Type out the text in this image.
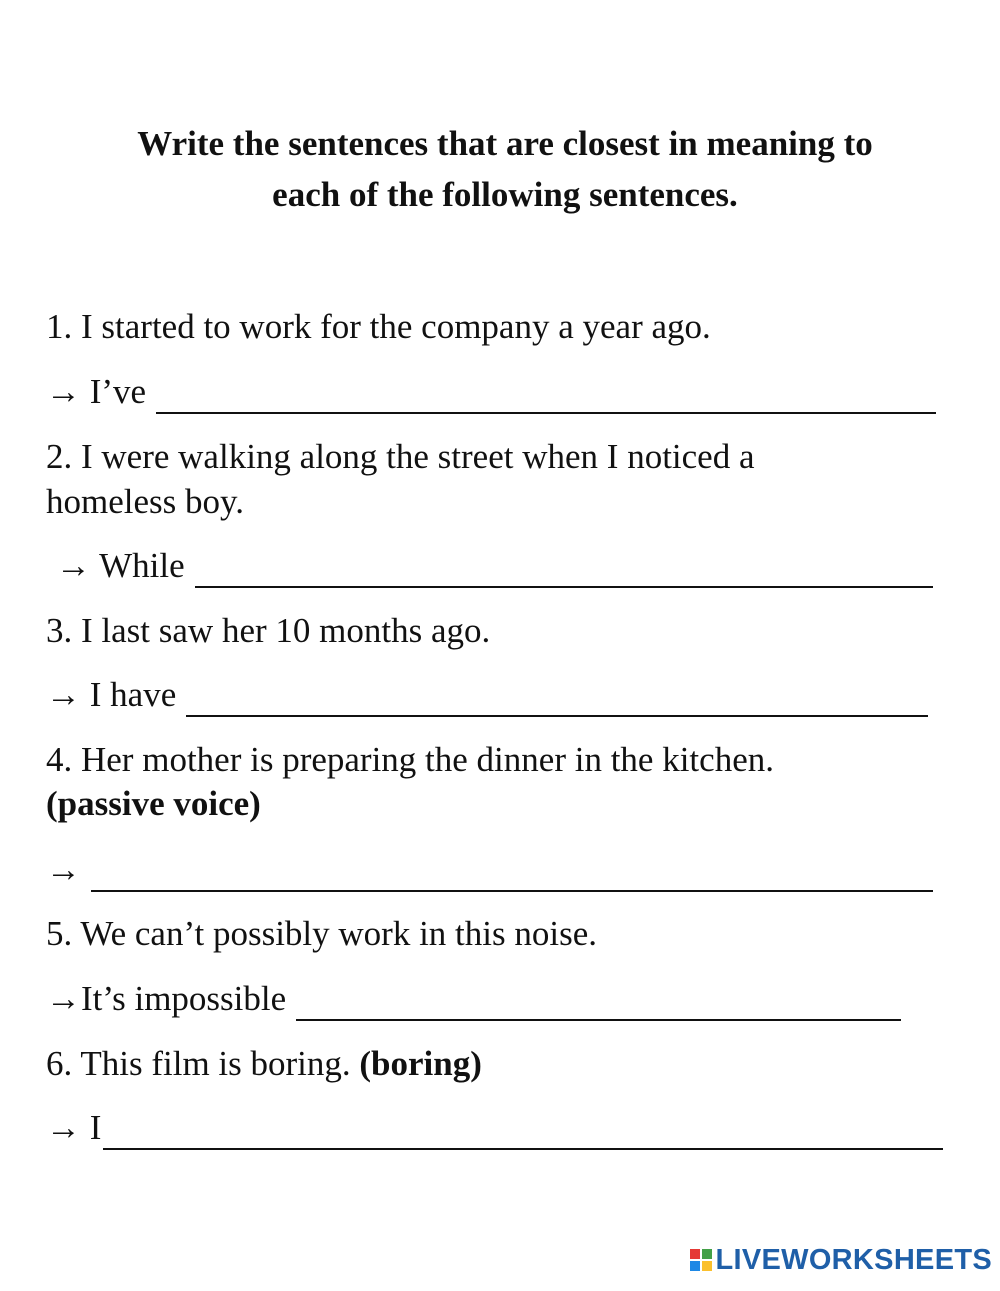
Write the sentences that are closest in meaning to
each of the following sentences.
1. I started to work for the company a year ago.
→ I’ve
2. I were walking along the street when I noticed a
homeless boy.
→ While
3. I last saw her 10 months ago.
→ I have
4. Her mother is preparing the dinner in the kitchen.
(passive voice)
→
5. We can’t possibly work in this noise.
→It’s impossible
6. This film is boring. (boring)
→ I
LIVEWORKSHEETS
